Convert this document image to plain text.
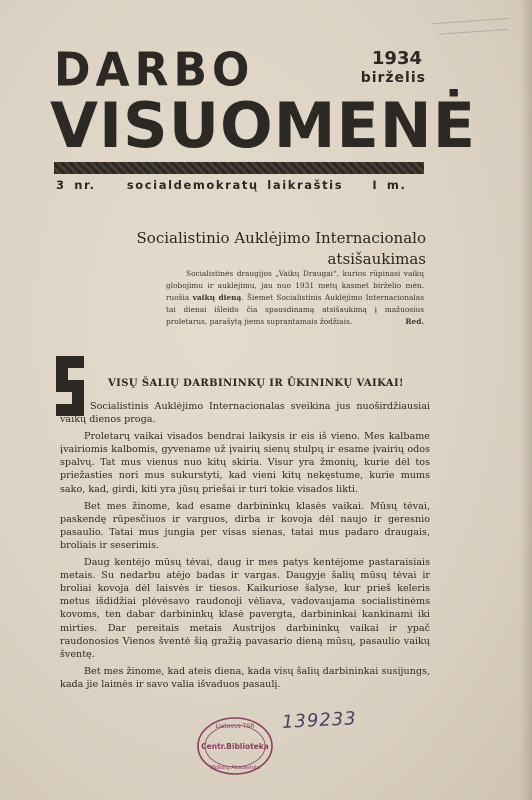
DARBO
VISUOMENĖ
1934
birželis
3 nr.	socialdemokratų laikraštis	I m.
Socialistinio Auklėjimo Internacionalo
atsišaukimas
Socialistinės draugijos „Vaikų Draugai“, kurios rūpinasi vaikų globojimu ir auklėjimu, jau nuo 1931 metų kasmet birželio mėn. ruošia vaikų dieną. Šiemet Socialistinis Auklėjimo Internacionalas tai dienai išleido čia spausdinamą atsišaukimą į mažuosius proletarus, parašytą jiems suprantamais žodžiais.	Red.
VISŲ ŠALIŲ DARBININKŲ IR ŪKININKŲ VAIKAI!

Socialistinis Auklėjimo Internacionalas sveikina jus nuoširdžiausiai vaikų dienos proga.

Proletarų vaikai visados bendrai laikysis ir eis iš vieno. Mes kalbame įvairiomis kalbomis, gyvename už įvairių sienų stulpų ir esame įvairių odos spalvų. Tat mus vienus nuo kitų skiria. Visur yra žmonių, kurie dėl tos priežasties nori mus sukurstyti, kad vieni kitų nekęstume, kurie mums sako, kad, girdi, kiti yra jūsų priešai ir turi tokie visados likti.

Bet mes žinome, kad esame darbininkų klasės vaikai. Mūsų tėvai, paskendę rūpesčiuos ir varguos, dirba ir kovoja dėl naujo ir geresnio pasaulio. Tatai mus jungia per visas sienas, tatai mus padaro draugais, broliais ir seserimis.

Daug kentėjo mūsų tėvai, daug ir mes patys kentėjome pastaraisiais metais. Su nedarbu atėjo badas ir vargas. Daugyje šalių mūsų tėvai ir broliai kovoja dėl laisvės ir tiesos. Kaikuriose šalyse, kur prieš keleris metus išdidžiai plėvėsavo raudonoji vėliava, vadovaujama socialistinėms kovoms, ten dabar darbininkų klasė pavergta, darbininkai kankinami iki mirties. Dar pereitais metais Austrijos darbininkų vaikai ir ypač raudonosios Vienos šventė šią gražią pavasario dieną mūsų, pasaulio vaikų šventę.

Bet mes žinome, kad ateis diena, kada visų šalių darbininkai susijungs, kada jie laimės ir savo valia išvaduos pasaulį.

139233
Lietuvos TSR
Centr.Biblioteka
Mokslų Akademija
